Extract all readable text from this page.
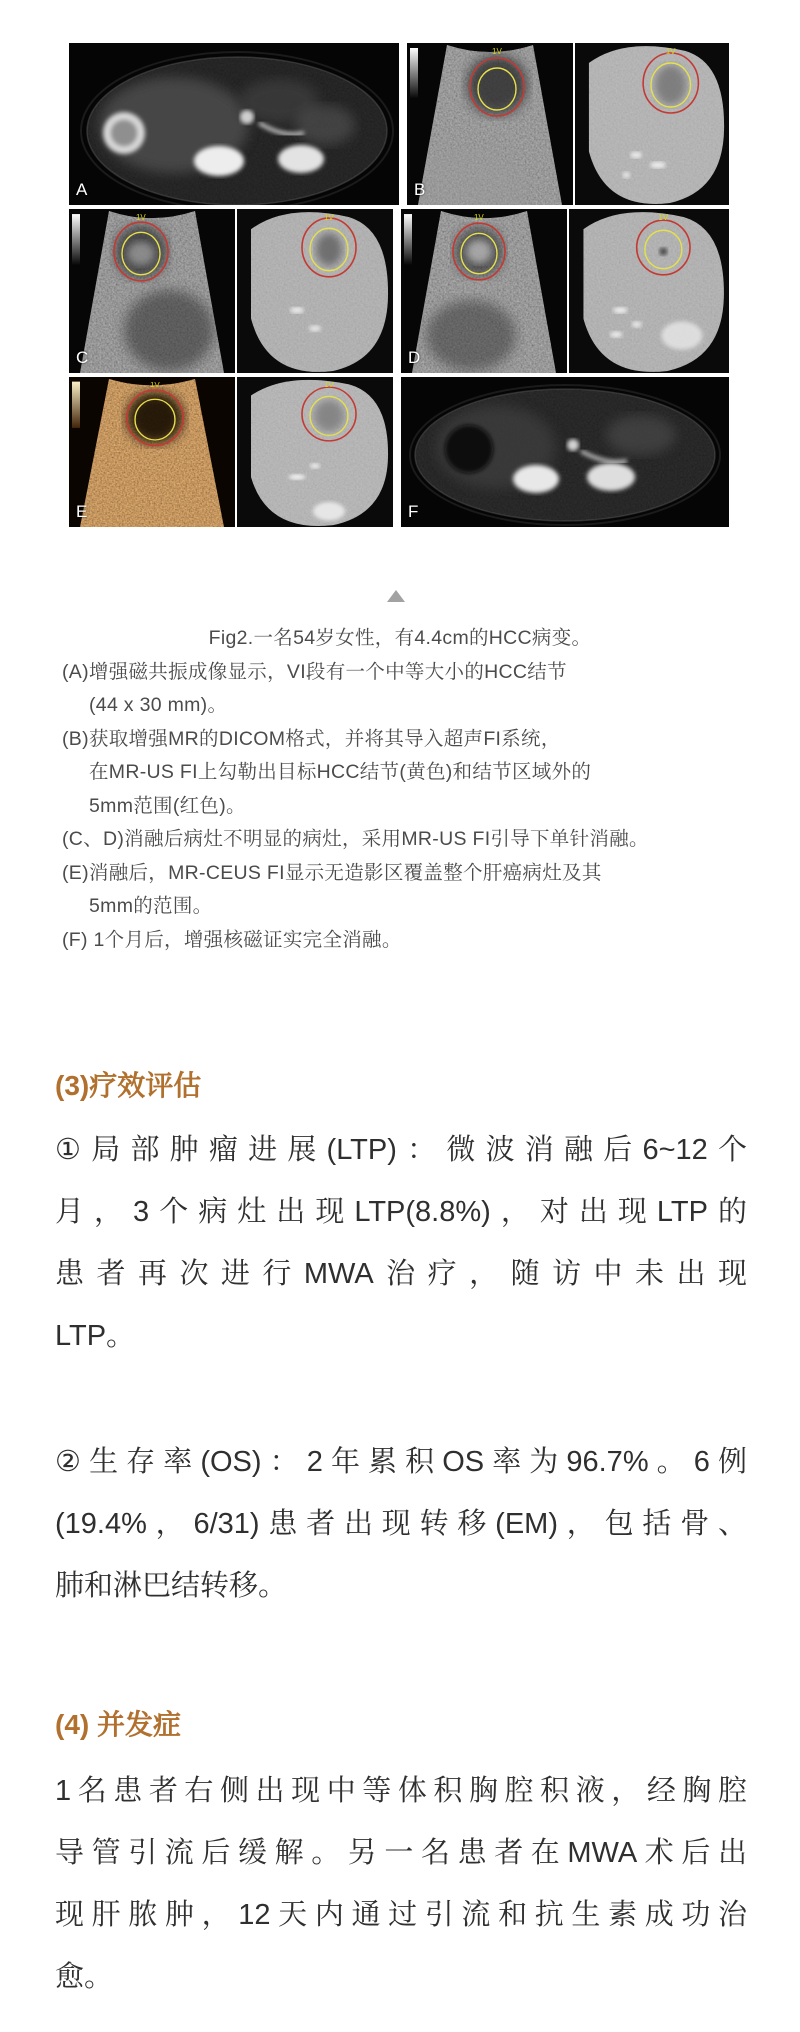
A
1V
B
1V
1V
C
1V	1V
D
1V
1V
E
1V
F
Fig2.一名54岁女性，有4.4cm的HCC病变。
(A)增强磁共振成像显示，VI段有一个中等大小的HCC结节
(44 x 30 mm)。
(B)获取增强MR的DICOM格式，并将其导入超声FI系统，
在MR-US FI上勾勒出目标HCC结节(黄色)和结节区域外的
5mm范围(红色)。
(C、D)消融后病灶不明显的病灶，采用MR-US FI引导下单针消融。
(E)消融后，MR-CEUS FI显示无造影区覆盖整个肝癌病灶及其
5mm的范围。
(F) 1个月后，增强核磁证实完全消融。
(3)疗效评估
①局部肿瘤进展(LTP)：微波消融后6~12个
月，3个病灶出现LTP(8.8%)，对出现LTP的
患者再次进行MWA治疗，随访中未出现
LTP。
②生存率(OS)：2年累积OS率为96.7%。6例
(19.4%，6/31)患者出现转移(EM)，包括骨、
肺和淋巴结转移。
(4) 并发症
1名患者右侧出现中等体积胸腔积液，经胸腔
导管引流后缓解。另一名患者在MWA术后出
现肝脓肿，12天内通过引流和抗生素成功治
愈。
